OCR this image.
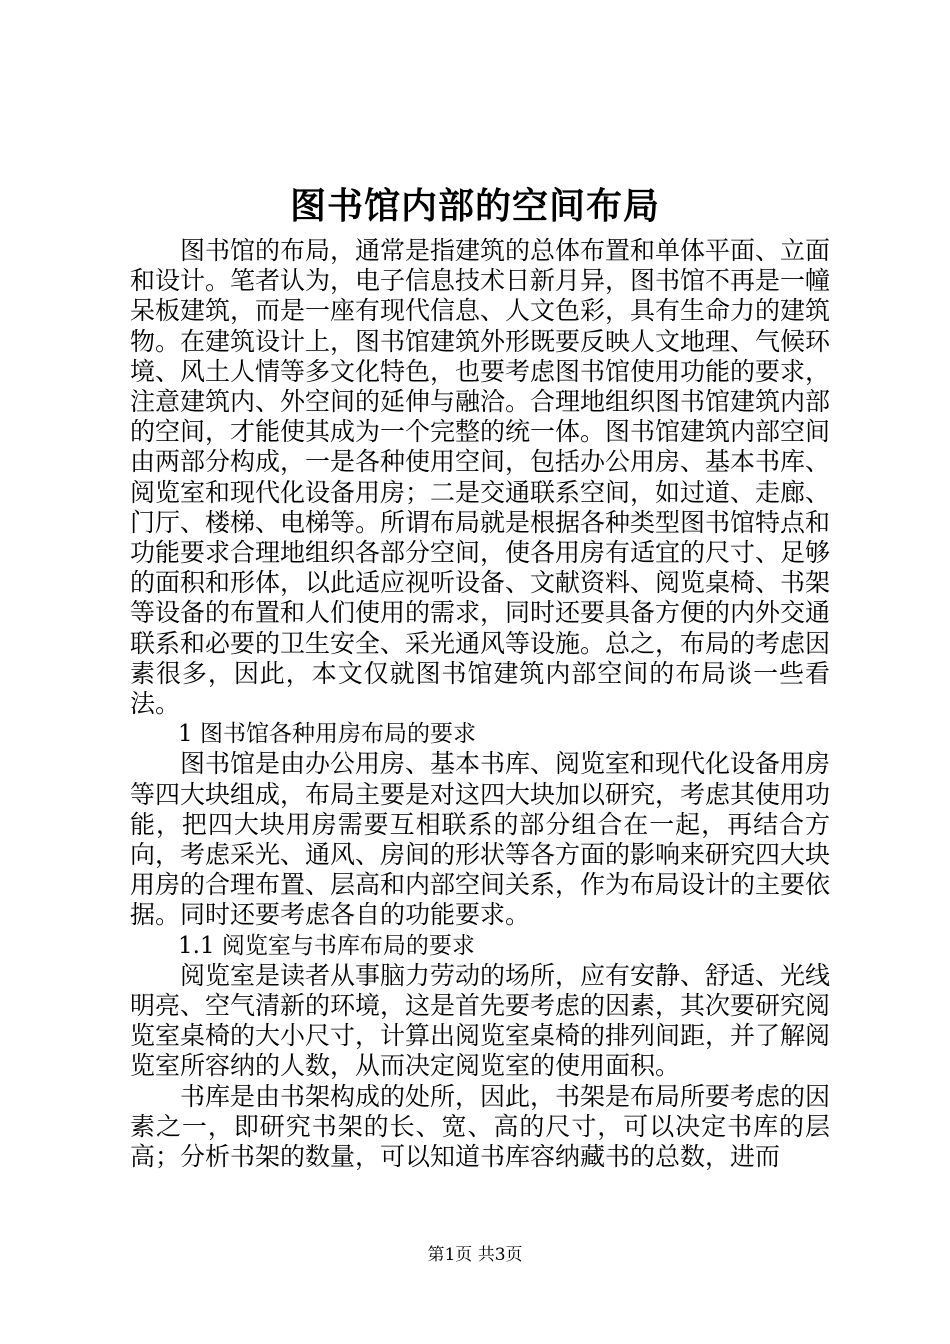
图书馆内部的空间布局

图书馆的布局，通常是指建筑的总体布置和单体平面、立面和设计。笔者认为，电子信息技术日新月异，图书馆不再是一幢呆板建筑，而是一座有现代信息、人文色彩，具有生命力的建筑物。在建筑设计上，图书馆建筑外形既要反映人文地理、气候环境、风土人情等多文化特色，也要考虑图书馆使用功能的要求，注意建筑内、外空间的延伸与融洽。合理地组织图书馆建筑内部的空间，才能使其成为一个完整的统一体。图书馆建筑内部空间由两部分构成，一是各种使用空间，包括办公用房、基本书库、阅览室和现代化设备用房；二是交通联系空间，如过道、走廊、门厅、楼梯、电梯等。所谓布局就是根据各种类型图书馆特点和功能要求合理地组织各部分空间，使各用房有适宜的尺寸、足够的面积和形体，以此适应视听设备、文献资料、阅览桌椅、书架等设备的布置和人们使用的需求，同时还要具备方便的内外交通联系和必要的卫生安全、采光通风等设施。总之，布局的考虑因素很多，因此，本文仅就图书馆建筑内部空间的布局谈一些看法。

1 图书馆各种用房布局的要求

图书馆是由办公用房、基本书库、阅览室和现代化设备用房等四大块组成，布局主要是对这四大块加以研究，考虑其使用功能，把四大块用房需要互相联系的部分组合在一起，再结合方向，考虑采光、通风、房间的形状等各方面的影响来研究四大块用房的合理布置、层高和内部空间关系，作为布局设计的主要依据。同时还要考虑各自的功能要求。

1.1 阅览室与书库布局的要求

阅览室是读者从事脑力劳动的场所，应有安静、舒适、光线明亮、空气清新的环境，这是首先要考虑的因素，其次要研究阅览室桌椅的大小尺寸，计算出阅览室桌椅的排列间距，并了解阅览室所容纳的人数，从而决定阅览室的使用面积。

书库是由书架构成的处所，因此，书架是布局所要考虑的因素之一，即研究书架的长、宽、高的尺寸，可以决定书库的层高；分析书架的数量，可以知道书库容纳藏书的总数，进而

第1页 共3页
